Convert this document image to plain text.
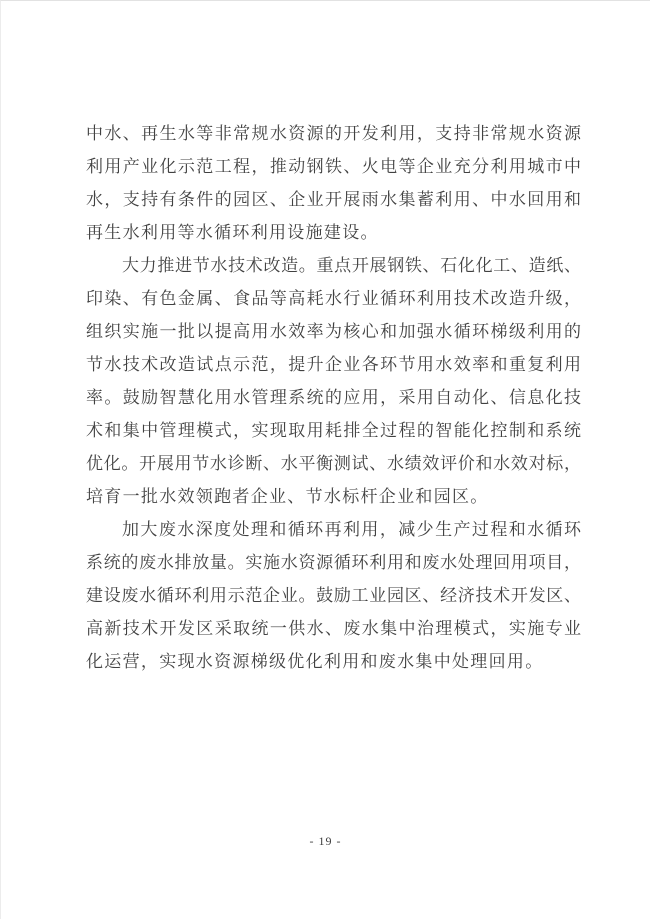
中水、再生水等非常规水资源的开发利用，支持非常规水资源
利用产业化示范工程，推动钢铁、火电等企业充分利用城市中
水，支持有条件的园区、企业开展雨水集蓄利用、中水回用和
再生水利用等水循环利用设施建设。
大力推进节水技术改造。重点开展钢铁、石化化工、造纸、
印染、有色金属、食品等高耗水行业循环利用技术改造升级，
组织实施一批以提高用水效率为核心和加强水循环梯级利用的
节水技术改造试点示范，提升企业各环节用水效率和重复利用
率。鼓励智慧化用水管理系统的应用，采用自动化、信息化技
术和集中管理模式，实现取用耗排全过程的智能化控制和系统
优化。开展用节水诊断、水平衡测试、水绩效评价和水效对标，
培育一批水效领跑者企业、节水标杆企业和园区。
加大废水深度处理和循环再利用，减少生产过程和水循环
系统的废水排放量。实施水资源循环利用和废水处理回用项目，
建设废水循环利用示范企业。鼓励工业园区、经济技术开发区、
高新技术开发区采取统一供水、废水集中治理模式，实施专业
化运营，实现水资源梯级优化利用和废水集中处理回用。
- 19 -
